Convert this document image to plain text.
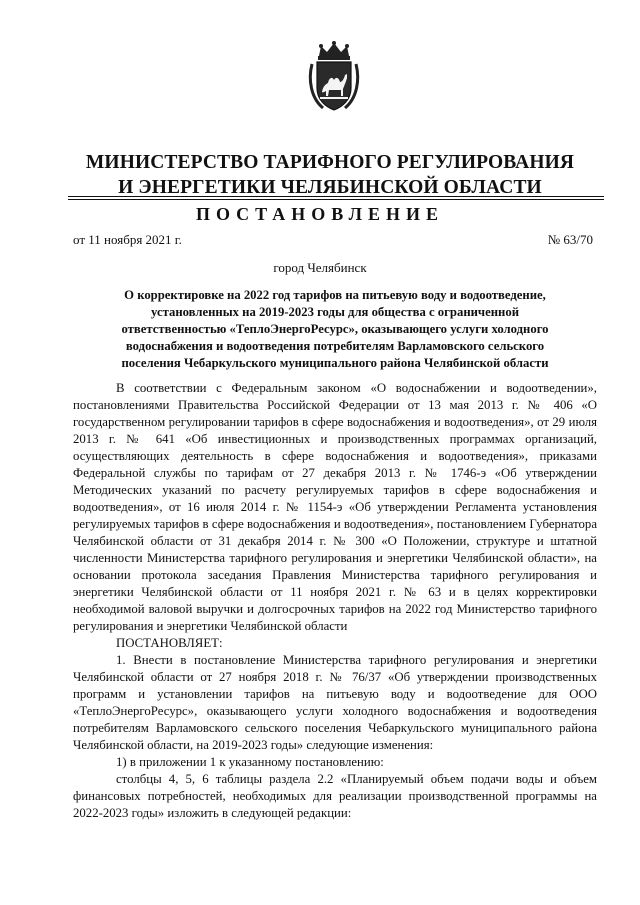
МИНИСТЕРСТВО ТАРИФНОГО РЕГУЛИРОВАНИЯ
И ЭНЕРГЕТИКИ ЧЕЛЯБИНСКОЙ ОБЛАСТИ
ПОСТАНОВЛЕНИЕ
от 11 ноября 2021 г.	№ 63/70
город Челябинск
О корректировке на 2022 год тарифов на питьевую воду и водоотведение,
установленных на 2019-2023 годы для общества с ограниченной
ответственностью «ТеплоЭнергоРесурс», оказывающего услуги холодного
водоснабжения и водоотведения потребителям Варламовского сельского
поселения Чебаркульского муниципального района Челябинской области

В соответствии с Федеральным законом «О водоснабжении и водоотведении», постановлениями Правительства Российской Федерации от 13 мая 2013 г. № 406 «О государственном регулировании тарифов в сфере водоснабжения и водоотведения», от 29 июля 2013 г. № 641 «Об инвестиционных и производственных программах организаций, осуществляющих деятельность в сфере водоснабжения и водоотведения», приказами Федеральной службы по тарифам от 27 декабря 2013 г. № 1746-э «Об утверждении Методических указаний по расчету регулируемых тарифов в сфере водоснабжения и водоотведения», от 16 июля 2014 г. № 1154-э «Об утверждении Регламента установления регулируемых тарифов в сфере водоснабжения и водоотведения», постановлением Губернатора Челябинской области от 31 декабря 2014 г. № 300 «О Положении, структуре и штатной численности Министерства тарифного регулирования и энергетики Челябинской области», на основании протокола заседания Правления Министерства тарифного регулирования и энергетики Челябинской области от 11 ноября 2021 г. № 63 и в целях корректировки необходимой валовой выручки и долгосрочных тарифов на 2022 год Министерство тарифного регулирования и энергетики Челябинской области

ПОСТАНОВЛЯЕТ:

1. Внести в постановление Министерства тарифного регулирования и энергетики Челябинской области от 27 ноября 2018 г. № 76/37 «Об утверждении производственных программ и установлении тарифов на питьевую воду и водоотведение для ООО «ТеплоЭнергоРесурс», оказывающего услуги холодного водоснабжения и водоотведения потребителям Варламовского сельского поселения Чебаркульского муниципального района Челябинской области, на 2019-2023 годы» следующие изменения:

1) в приложении 1 к указанному постановлению:

столбцы 4, 5, 6 таблицы раздела 2.2 «Планируемый объем подачи воды и объем финансовых потребностей, необходимых для реализации производственной программы на 2022-2023 годы» изложить в следующей редакции:
